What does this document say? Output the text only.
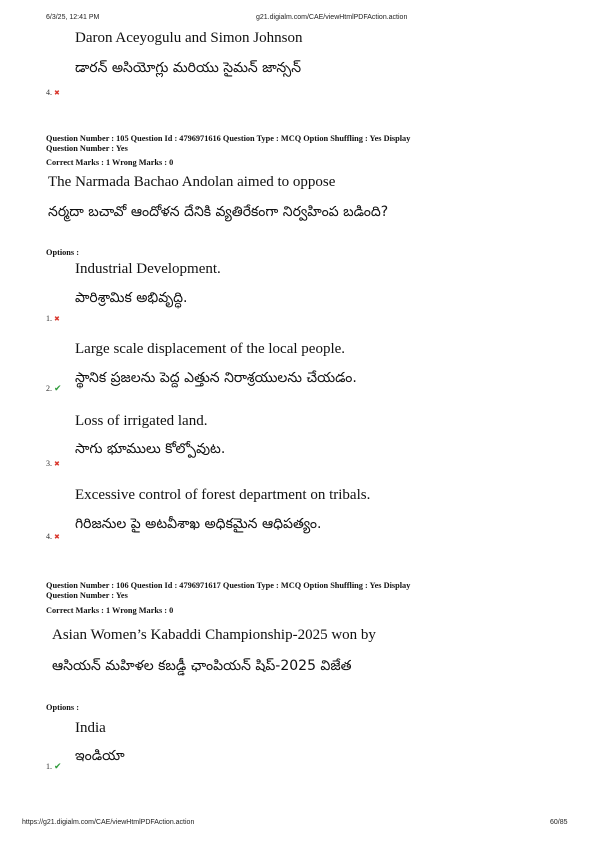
6/3/25, 12:41 PM	g21.digialm.com/CAE/viewHtmlPDFAction.action
Daron Aceyogulu and Simon Johnson
డారన్ అసియోగ్లు మరియు సైమన్ జాన్సన్
4. ✖
Question Number : 105 Question Id : 4796971616 Question Type : MCQ Option Shuffling : Yes Display
Question Number : Yes
Correct Marks : 1 Wrong Marks : 0
The Narmada Bachao Andolan aimed to oppose
నర్మదా బచావో ఆందోళన దేనికి వ్యతిరేకంగా నిర్వహింప బడింది?
Options :
Industrial Development.
పారిశ్రామిక అభివృద్ధి.
1. ✖
Large scale displacement of the local people.
స్థానిక ప్రజలను పెద్ద ఎత్తున నిరాశ్రయులను చేయడం.
2. ✔
Loss of irrigated land.
సాగు భూములు కోల్పోవుట.
3. ✖
Excessive control of forest department on tribals.
గిరిజనుల పై అటవీశాఖ అధికమైన ఆధిపత్యం.
4. ✖
Question Number : 106 Question Id : 4796971617 Question Type : MCQ Option Shuffling : Yes Display
Question Number : Yes
Correct Marks : 1 Wrong Marks : 0
Asian Women’s Kabaddi Championship-2025 won by
ఆసియన్ మహిళల కబడ్డీ ఛాంపియన్ షిప్-2025 విజేత
Options :
India
ఇండియా
1. ✔
https://g21.digialm.com/CAE/viewHtmlPDFAction.action	60/85
